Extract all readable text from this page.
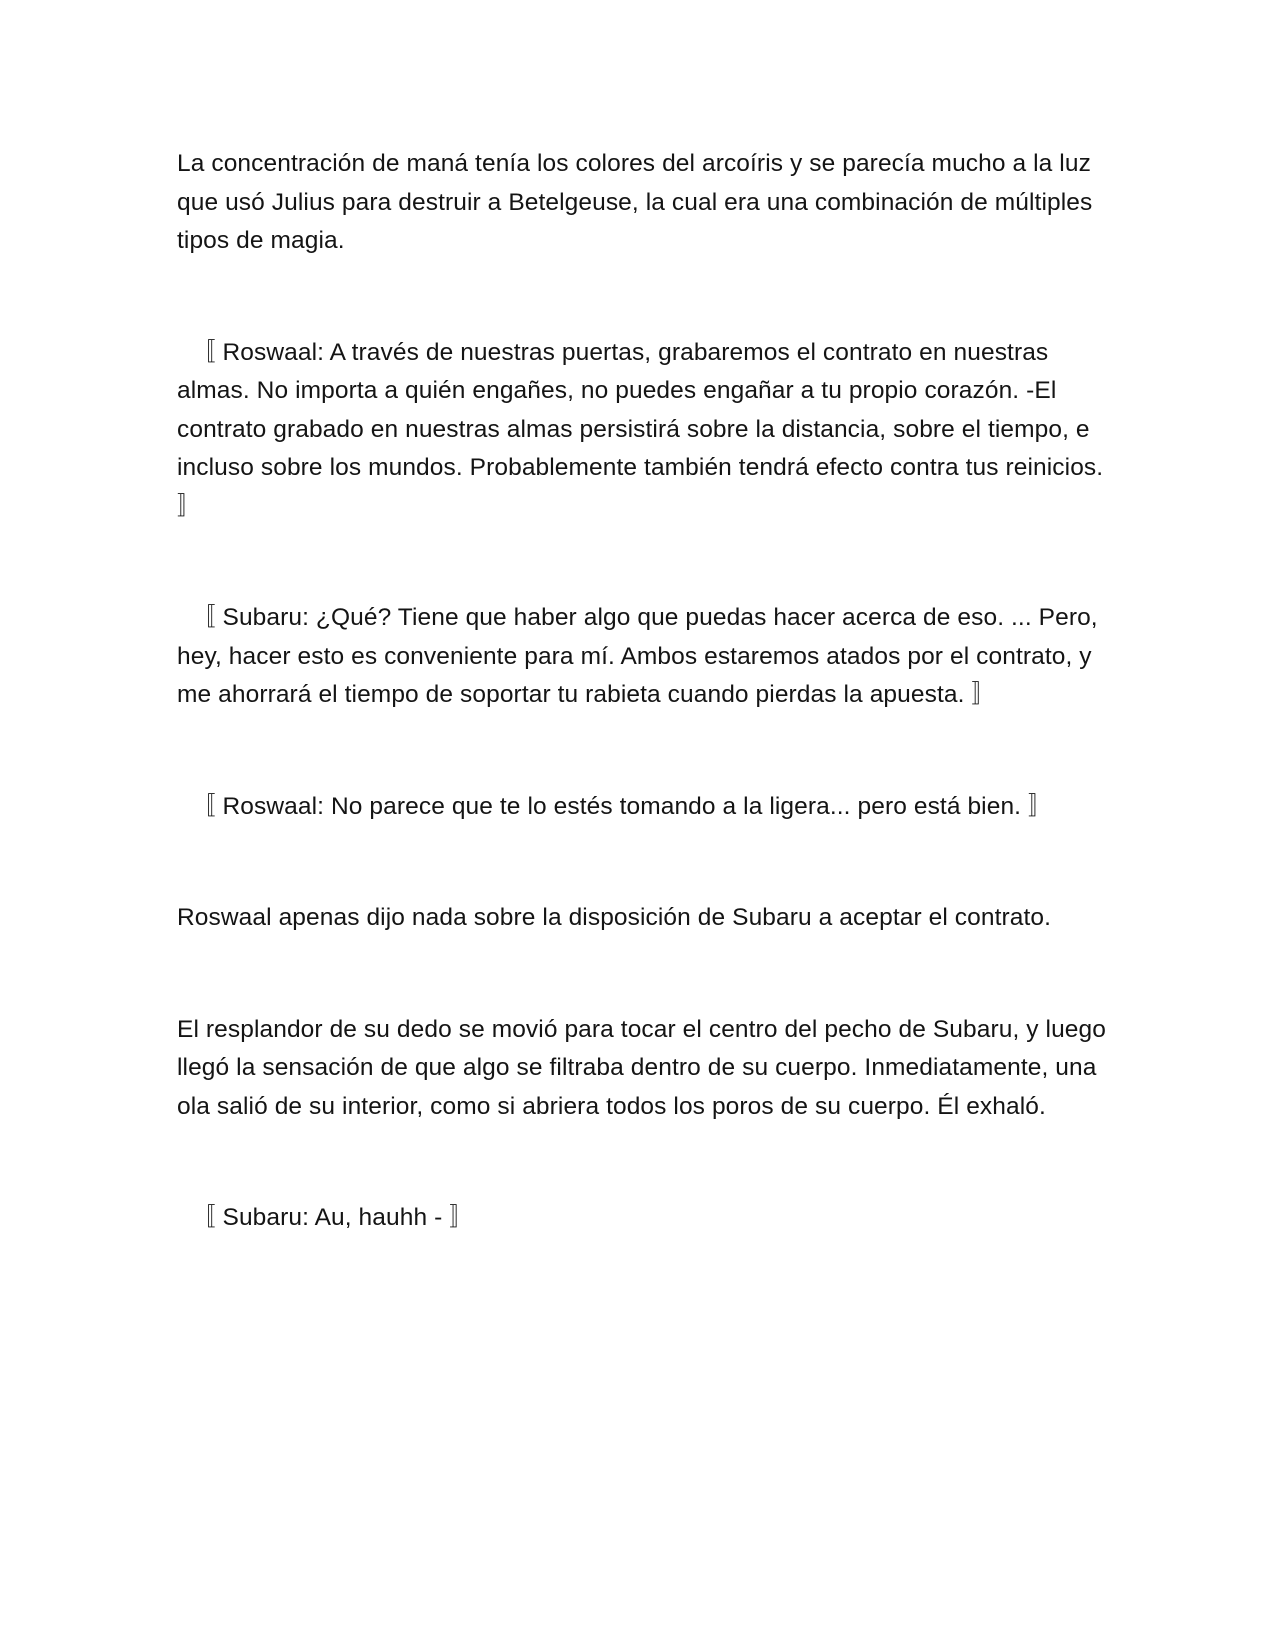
La concentración de maná tenía los colores del arcoíris y se parecía mucho a la luz que usó Julius para destruir a Betelgeuse, la cual era una combinación de múltiples tipos de magia.

〚 Roswaal: A través de nuestras puertas, grabaremos el contrato en nuestras almas. No importa a quién engañes, no puedes engañar a tu propio corazón. -El contrato grabado en nuestras almas persistirá sobre la distancia, sobre el tiempo, e incluso sobre los mundos. Probablemente también tendrá efecto contra tus reinicios. 〛

〚 Subaru: ¿Qué? Tiene que haber algo que puedas hacer acerca de eso. ... Pero, hey, hacer esto es conveniente para mí. Ambos estaremos atados por el contrato, y me ahorrará el tiempo de soportar tu rabieta cuando pierdas la apuesta. 〛

〚 Roswaal: No parece que te lo estés tomando a la ligera... pero está bien. 〛

Roswaal apenas dijo nada sobre la disposición de Subaru a aceptar el contrato.

El resplandor de su dedo se movió para tocar el centro del pecho de Subaru, y luego llegó la sensación de que algo se filtraba dentro de su cuerpo. Inmediatamente, una ola salió de su interior, como si abriera todos los poros de su cuerpo. Él exhaló.

〚 Subaru: Au, hauhh - 〛
